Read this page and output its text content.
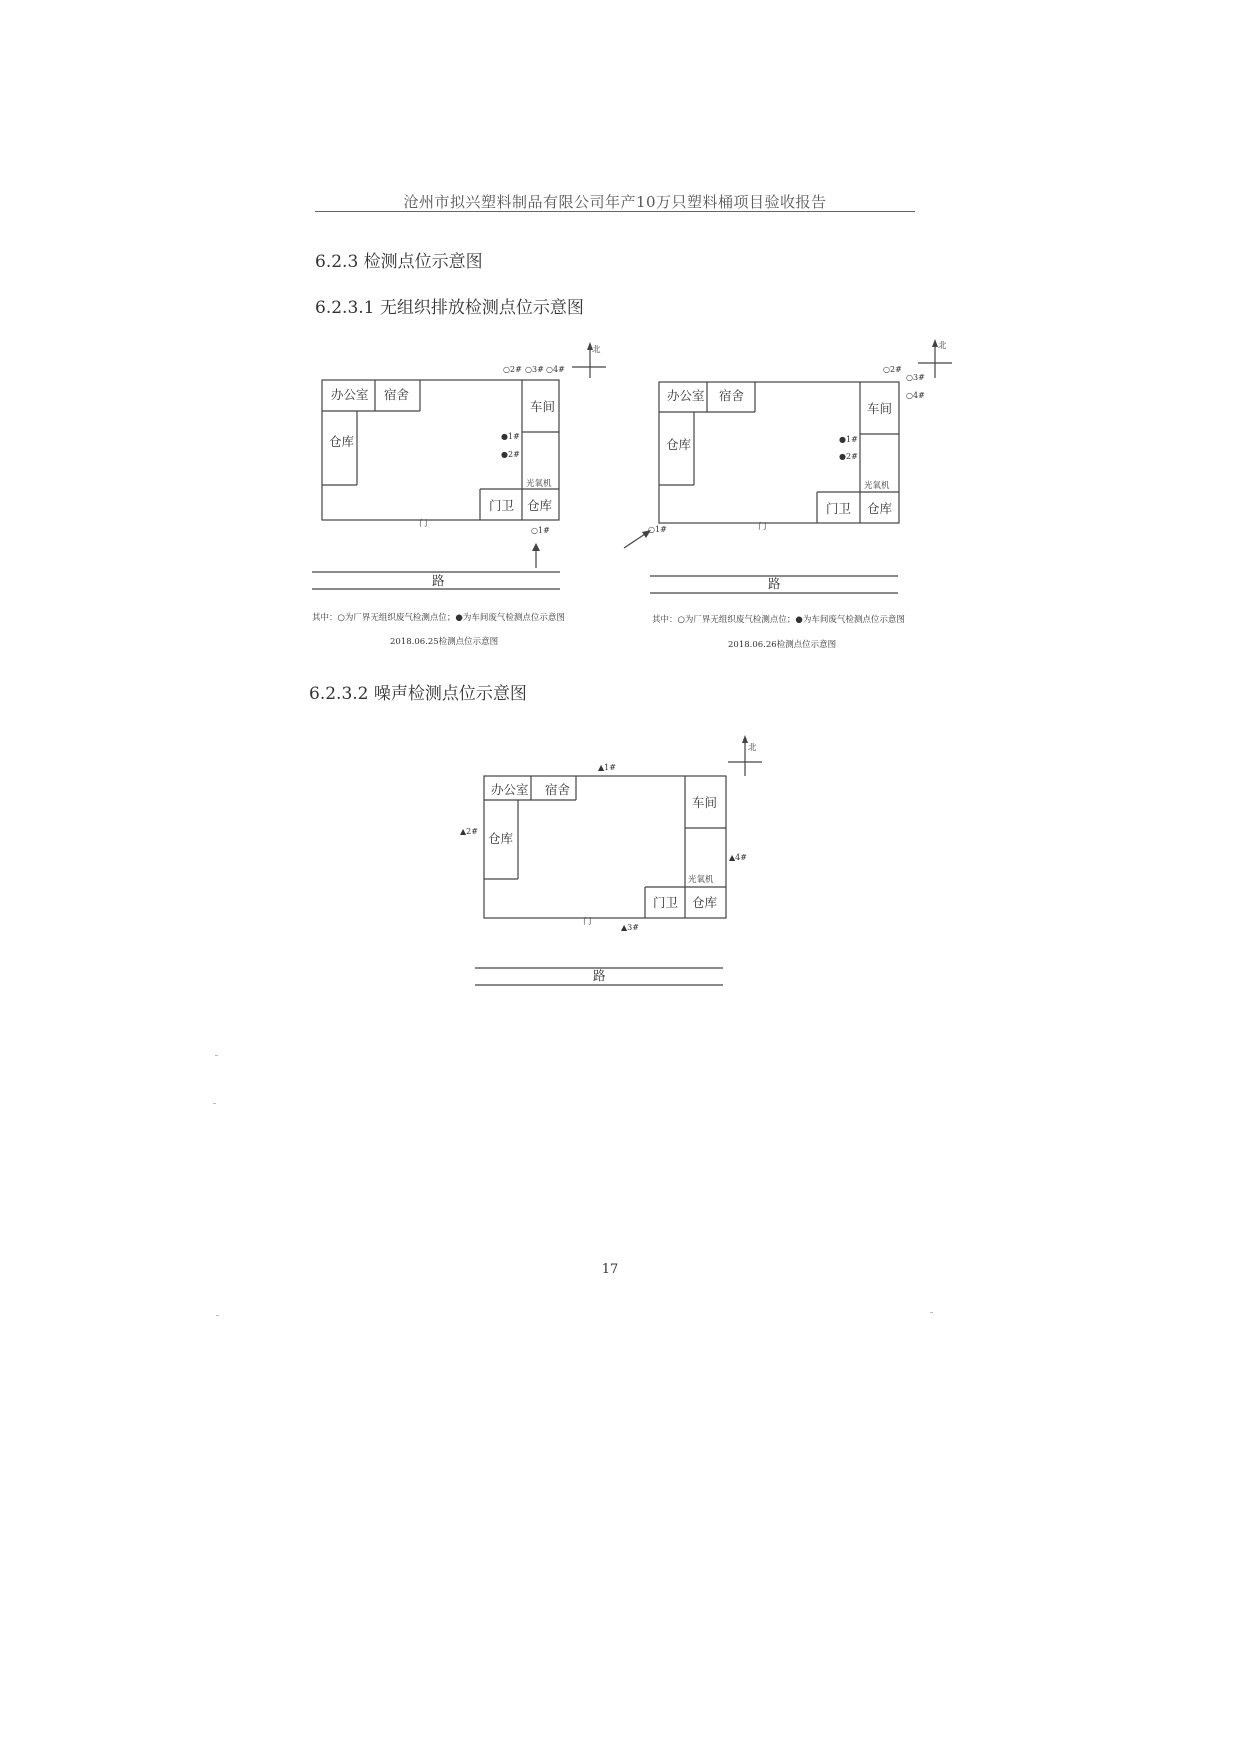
沧州市拟兴塑料制品有限公司年产10万只塑料桶项目验收报告
6.2.3 检测点位示意图
6.2.3.1 无组织排放检测点位示意图
办公室 宿舍
仓库
车间
光氧机
门卫 仓库
门
北
路
○2# ○3# ○4#
●1#
●2#
○1#
其中：○为厂界无组织废气检测点位；●为车间废气检测点位示意图
2018.06.25检测点位示意图
办公室 宿舍
仓库
车间
光氧机
门卫 仓库
门
北
路
○2#
○3#
○4#
●1#
●2#
○1#
其中：○为厂界无组织废气检测点位；●为车间废气检测点位示意图
2018.06.26检测点位示意图
6.2.3.2 噪声检测点位示意图
办公室 宿舍
仓库
车间
光氧机
门卫 仓库
门
北
路
▲1#
▲2#
▲3#
▲4#
17
